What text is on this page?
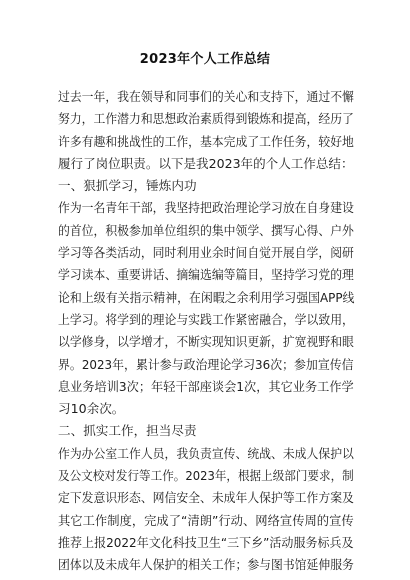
2023年个人工作总结
过去一年，我在领导和同事们的关心和支持下，通过不懈
努力，工作潜力和思想政治素质得到锻炼和提高，经历了
许多有趣和挑战性的工作，基本完成了工作任务，较好地
履行了岗位职责。以下是我2023年的个人工作总结：
一、狠抓学习，锤炼内功
作为一名青年干部，我坚持把政治理论学习放在自身建设
的首位，积极参加单位组织的集中领学、撰写心得、户外
学习等各类活动，同时利用业余时间自觉开展自学，阅研
学习读本、重要讲话、摘编选编等篇目，坚持学习党的理
论和上级有关指示精神，在闲暇之余利用学习强国APP线
上学习。将学到的理论与实践工作紧密融合，学以致用，
以学修身，以学增才，不断实现知识更新，扩宽视野和眼
界。2023年，累计参与政治理论学习36次；参加宣传信
息业务培训3次；年轻干部座谈会1次，其它业务工作学
习10余次。
二、抓实工作，担当尽责
作为办公室工作人员，我负责宣传、统战、未成人保护以
及公文校对发行等工作。2023年，根据上级部门要求，制
定下发意识形态、网信安全、未成年人保护等工作方案及
其它工作制度，完成了“清朗”行动、网络宣传周的宣传
推荐上报2022年文化科技卫生“三下乡”活动服务标兵及
团体以及未成年人保护的相关工作；参与图书馆延伸服务
